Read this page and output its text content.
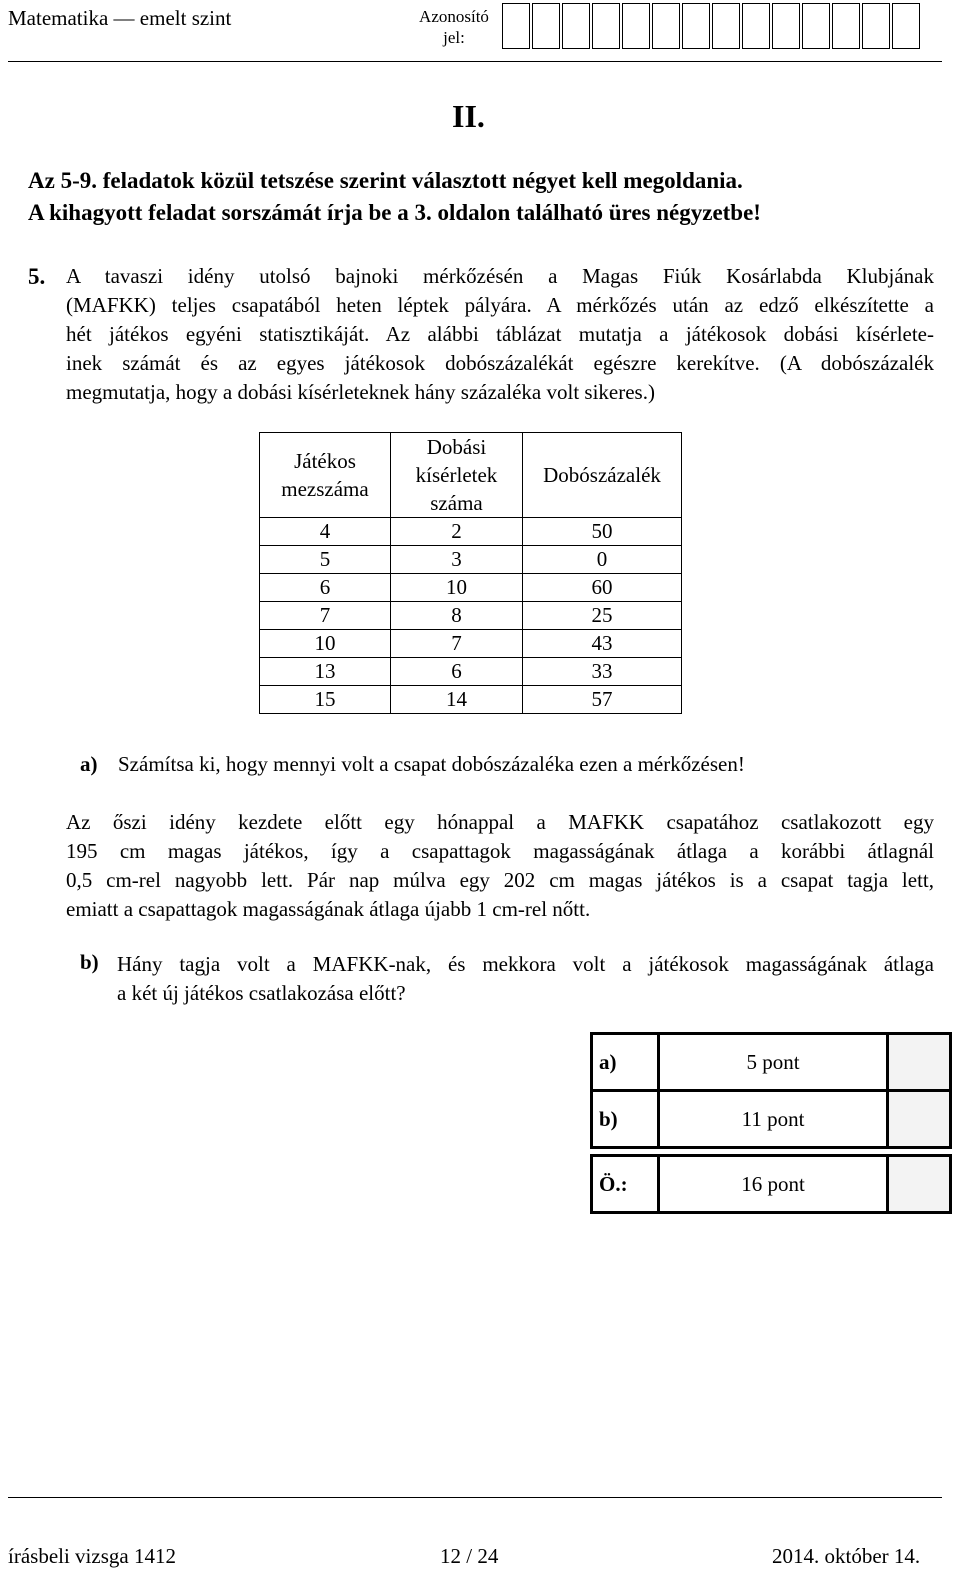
Matematika — emelt szint	Azonosító jel:
II.
Az 5-9. feladatok közül tetszése szerint választott négyet kell megoldania.
A kihagyott feladat sorszámát írja be a 3. oldalon található üres négyzetbe!
5. A tavaszi idény utolsó bajnoki mérkőzésén a Magas Fiúk Kosárlabda Klubjának
(MAFKK) teljes csapatából heten léptek pályára. A mérkőzés után az edző elkészítette a
hét játékos egyéni statisztikáját. Az alábbi táblázat mutatja a játékosok dobási kísérlete-
inek számát és az egyes játékosok dobószázalékát egészre kerekítve. (A dobószázalék
megmutatja, hogy a dobási kísérleteknek hány százaléka volt sikeres.)
Játékos mezszáma	Dobási kísérletek száma	Dobószázalék
4	2	50
5	3	0
6	10	60
7	8	25
10	7	43
13	6	33
15	14	57
a) Számítsa ki, hogy mennyi volt a csapat dobószázaléka ezen a mérkőzésen!
Az őszi idény kezdete előtt egy hónappal a MAFKK csapatához csatlakozott egy
195 cm magas játékos, így a csapattagok magasságának átlaga a korábbi átlagnál
0,5 cm-rel nagyobb lett. Pár nap múlva egy 202 cm magas játékos is a csapat tagja lett,
emiatt a csapattagok magasságának átlaga újabb 1 cm-rel nőtt.
b) Hány tagja volt a MAFKK-nak, és mekkora volt a játékosok magasságának átlaga
a két új játékos csatlakozása előtt?
a)	5 pont	
b)	11 pont	

Ö.:	16 pont	
írásbeli vizsga 1412	12 / 24	2014. október 14.
